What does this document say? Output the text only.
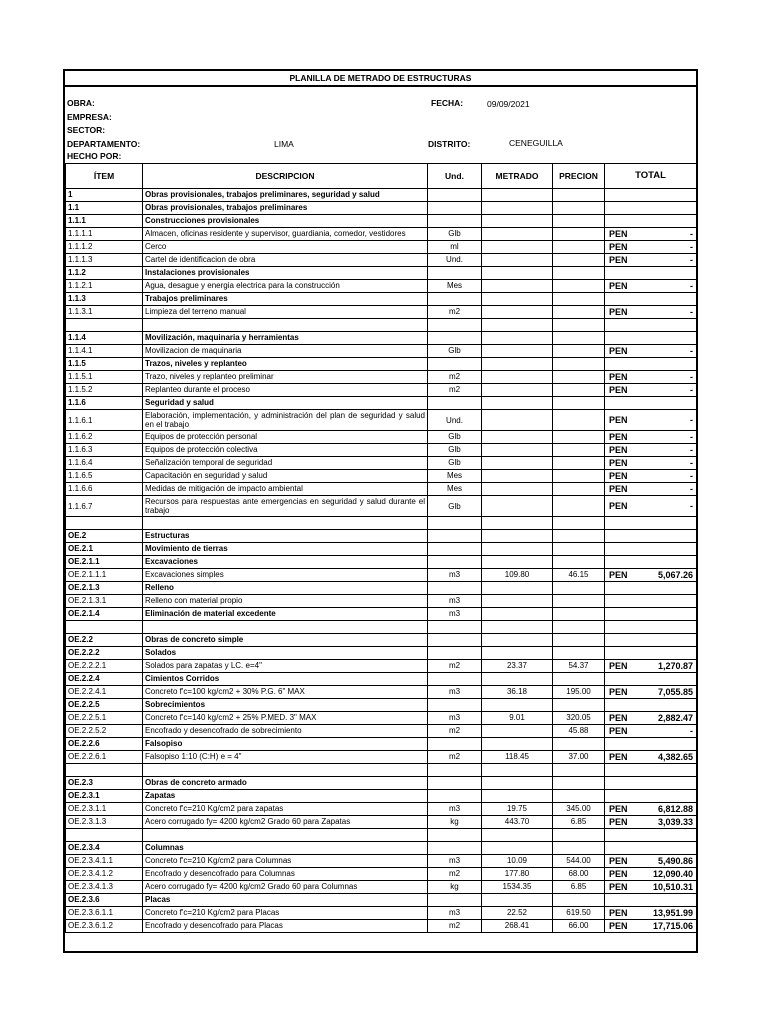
PLANILLA DE METRADO DE ESTRUCTURAS
OBRA:
EMPRESA:
SECTOR:
DEPARTAMENTO:	LIMA
HECHO POR:
FECHA:	09/09/2021
DISTRITO:	CENEGUILLA
ÍTEM	DESCRIPCION	Und.	METRADO	PRECION	TOTAL
1	Obras provisionales, trabajos preliminares, seguridad y salud				
1.1	Obras provisionales, trabajos preliminares				
1.1.1	Construcciones provisionales				
1.1.1.1	Almacen, oficinas residente y supervisor, guardiania, comedor, vestidores	Glb			PEN -

1.1.1.2	Cerco	ml			PEN -

1.1.1.3	Cartel de identificacion de obra	Und.			PEN -

1.1.2	Instalaciones provisionales				
1.1.2.1	Agua, desague y energia electrica para la construcción	Mes			PEN -

1.1.3	Trabajos preliminares				
1.1.3.1	Limpieza del terreno manual	m2			PEN -

1.1.4	Movilización, maquinaria y herramientas				
1.1.4.1	Movilizacion de maquinaria	Glb			PEN -

1.1.5	Trazos, niveles y replanteo				
1.1.5.1	Trazo, niveles y replanteo preliminar	m2			PEN -

1.1.5.2	Replanteo durante el proceso	m2			PEN -

1.1.6	Seguridad y salud				
1.1.6.1	Elaboración, implementación, y administración del plan de seguridad y salud en el trabajo	Und.			PEN -

1.1.6.2	Equipos de protección personal	Glb			PEN -

1.1.6.3	Equipos de protección colectiva	Glb			PEN -

1.1.6.4	Señalización temporal de seguridad	Glb			PEN -

1.1.6.5	Capacitación en seguridad y salud	Mes			PEN -

1.1.6.6	Medidas de mitigación de impacto ambiental	Mes			PEN -

1.1.6.7	Recursos para respuestas ante emergencias en seguridad y salud durante el trabajo	Glb			PEN -

OE.2	Estructuras				
OE.2.1	Movimiento de tierras				
OE.2.1.1	Excavaciones				
OE.2.1.1.1	Excavaciones simples	m3	109.80	46.15	PEN 5,067.26

OE.2.1.3	Relleno				
OE.2.1.3.1	Relleno con material propio	m3			
OE.2.1.4	Eliminación de material excedente	m3			

OE.2.2	Obras de concreto simple				
OE.2.2.2	Solados				
OE.2.2.2.1	Solados para zapatas y LC. e=4"	m2	23.37	54.37	PEN 1,270.87

OE.2.2.4	Cimientos Corridos				
OE.2.2.4.1	Concreto f'c=100 kg/cm2 + 30% P.G. 6" MAX	m3	36.18	195.00	PEN 7,055.85

OE.2.2.5	Sobrecimientos				
OE.2.2.5.1	Concreto f'c=140 kg/cm2 + 25% P.MED. 3" MAX	m3	9.01	320.05	PEN 2,882.47

OE.2.2.5.2	Encofrado y desencofrado de sobrecimiento	m2		45.88	PEN -

OE.2.2.6	Falsopiso				
OE.2.2.6.1	Falsopiso 1:10 (C:H) e = 4"	m2	118.45	37.00	PEN 4,382.65

OE.2.3	Obras de concreto armado				
OE.2.3.1	Zapatas				
OE.2.3.1.1	Concreto f'c=210 Kg/cm2 para zapatas	m3	19.75	345.00	PEN 6,812.88

OE.2.3.1.3	Acero corrugado fy= 4200 kg/cm2 Grado 60 para Zapatas	kg	443.70	6.85	PEN 3,039.33

OE.2.3.4	Columnas				
OE.2.3.4.1.1	Concreto f'c=210 Kg/cm2 para Columnas	m3	10.09	544.00	PEN 5,490.86

OE.2.3.4.1.2	Encofrado y desencofrado para Columnas	m2	177.80	68.00	PEN 12,090.40

OE.2.3.4.1.3	Acero corrugado fy= 4200 kg/cm2 Grado 60 para Columnas	kg	1534.35	6.85	PEN 10,510.31

OE.2.3.6	Placas				
OE.2.3.6.1.1	Concreto f'c=210 Kg/cm2 para Placas	m3	22.52	619.50	PEN 13,951.99

OE.2.3.6.1.2	Encofrado y desencofrado para Placas	m2	268.41	66.00	PEN 17,715.06
